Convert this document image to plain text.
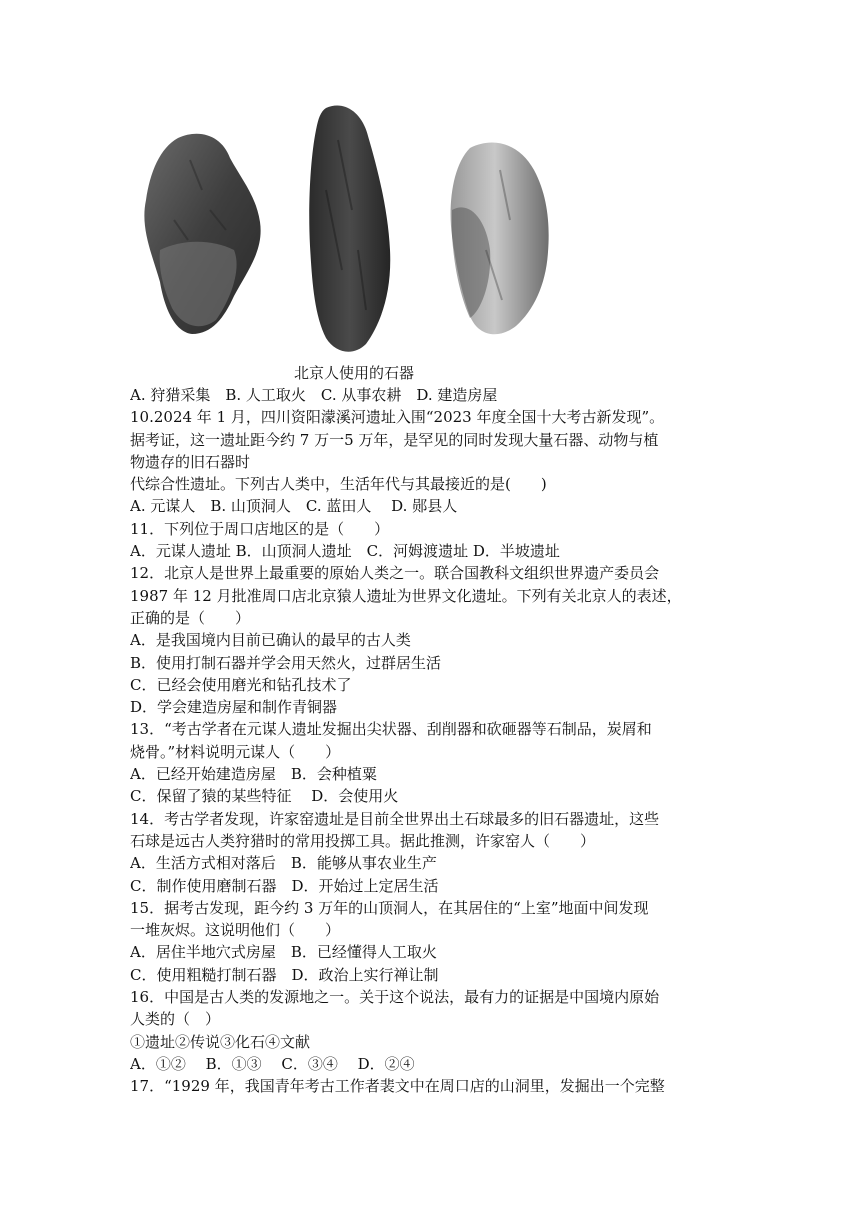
北京人使用的石器
A. 狩猎采集　B. 人工取火　C. 从事农耕　D. 建造房屋
10.2024 年 1 月，四川资阳濛溪河遗址入围“2023 年度全国十大考古新发现”。
据考证，这一遗址距今约 7 万一5 万年，是罕见的同时发现大量石器、动物与植
物遗存的旧石器时
代综合性遗址。下列古人类中，生活年代与其最接近的是(　　)
A. 元谋人　B. 山顶洞人　C. 蓝田人　 D. 郧县人
11．下列位于周口店地区的是（　　）
A．元谋人遗址 B．山顶洞人遗址　C．河姆渡遗址 D．半坡遗址
12．北京人是世界上最重要的原始人类之一。联合国教科文组织世界遗产委员会
1987 年 12 月批准周口店北京猿人遗址为世界文化遗址。下列有关北京人的表述，
正确的是（　　）
A．是我国境内目前已确认的最早的古人类
B．使用打制石器并学会用天然火，过群居生活
C．已经会使用磨光和钻孔技术了
D．学会建造房屋和制作青铜器
13．“考古学者在元谋人遗址发掘出尖状器、刮削器和砍砸器等石制品，炭屑和
烧骨。”材料说明元谋人（　　）
A．已经开始建造房屋　B．会种植粟
C．保留了猿的某些特征　 D．会使用火
14．考古学者发现，许家窑遗址是目前全世界出土石球最多的旧石器遗址，这些
石球是远古人类狩猎时的常用投掷工具。据此推测，许家窑人（　　）
A．生活方式相对落后　B．能够从事农业生产
C．制作使用磨制石器　D．开始过上定居生活
15．据考古发现，距今约 3 万年的山顶洞人，在其居住的“上室”地面中间发现
一堆灰烬。这说明他们（　　）
A．居住半地穴式房屋　B．已经懂得人工取火
C．使用粗糙打制石器　D．政治上实行禅让制
16．中国是古人类的发源地之一。关于这个说法，最有力的证据是中国境内原始
人类的（　）
①遗址②传说③化石④文献
A．①②　 B．①③　 C．③④　 D．②④
17．“1929 年，我国青年考古工作者裴文中在周口店的山洞里，发掘出一个完整
